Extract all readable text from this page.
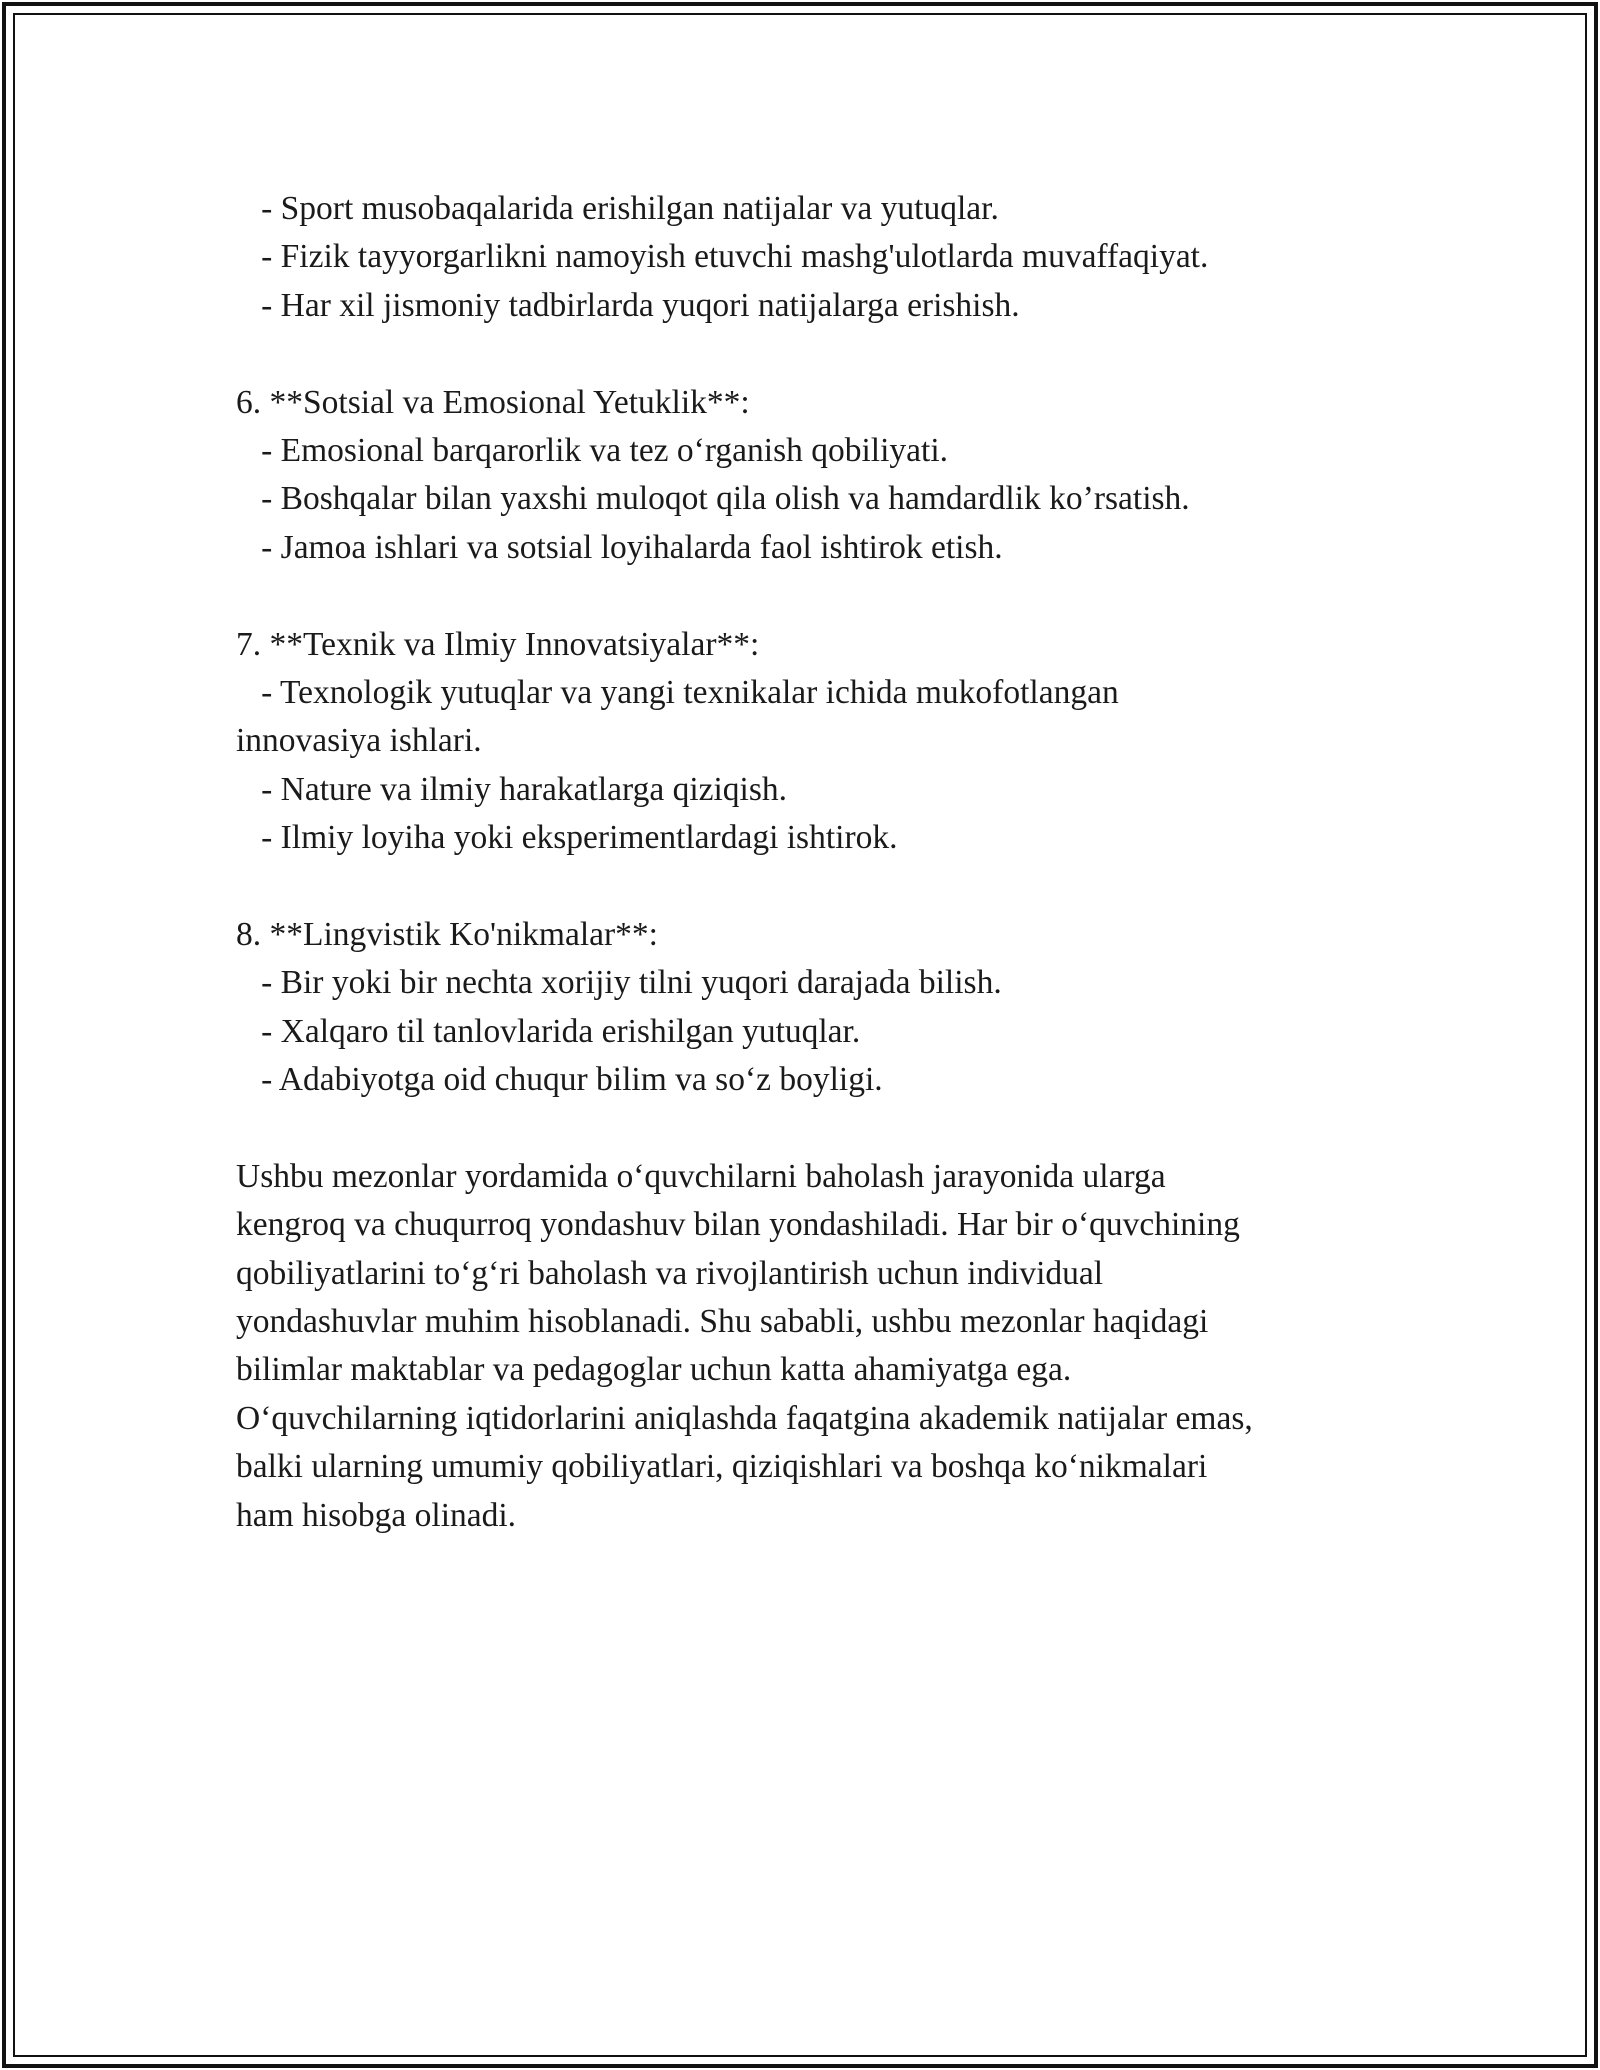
- Sport musobaqalarida erishilgan natijalar va yutuqlar.

- Fizik tayyorgarlikni namoyish etuvchi mashg'ulotlarda muvaffaqiyat.

- Har xil jismoniy tadbirlarda yuqori natijalarga erishish.

6. **Sotsial va Emosional Yetuklik**:

- Emosional barqarorlik va tez o‘rganish qobiliyati.

- Boshqalar bilan yaxshi muloqot qila olish va hamdardlik ko’rsatish.

- Jamoa ishlari va sotsial loyihalarda faol ishtirok etish.

7. **Texnik va Ilmiy Innovatsiyalar**:

- Texnologik yutuqlar va yangi texnikalar ichida mukofotlangan

innovasiya ishlari.

- Nature va ilmiy harakatlarga qiziqish.

- Ilmiy loyiha yoki eksperimentlardagi ishtirok.

8. **Lingvistik Ko'nikmalar**:

- Bir yoki bir nechta xorijiy tilni yuqori darajada bilish.

- Xalqaro til tanlovlarida erishilgan yutuqlar.

- Adabiyotga oid chuqur bilim va so‘z boyligi.

Ushbu mezonlar yordamida o‘quvchilarni baholash jarayonida ularga
kengroq va chuqurroq yondashuv bilan yondashiladi. Har bir o‘quvchining
qobiliyatlarini to‘g‘ri baholash va rivojlantirish uchun individual
yondashuvlar muhim hisoblanadi. Shu sababli, ushbu mezonlar haqidagi
bilimlar maktablar va pedagoglar uchun katta ahamiyatga ega.
O‘quvchilarning iqtidorlarini aniqlashda faqatgina akademik natijalar emas,
balki ularning umumiy qobiliyatlari, qiziqishlari va boshqa ko‘nikmalari
ham hisobga olinadi.
